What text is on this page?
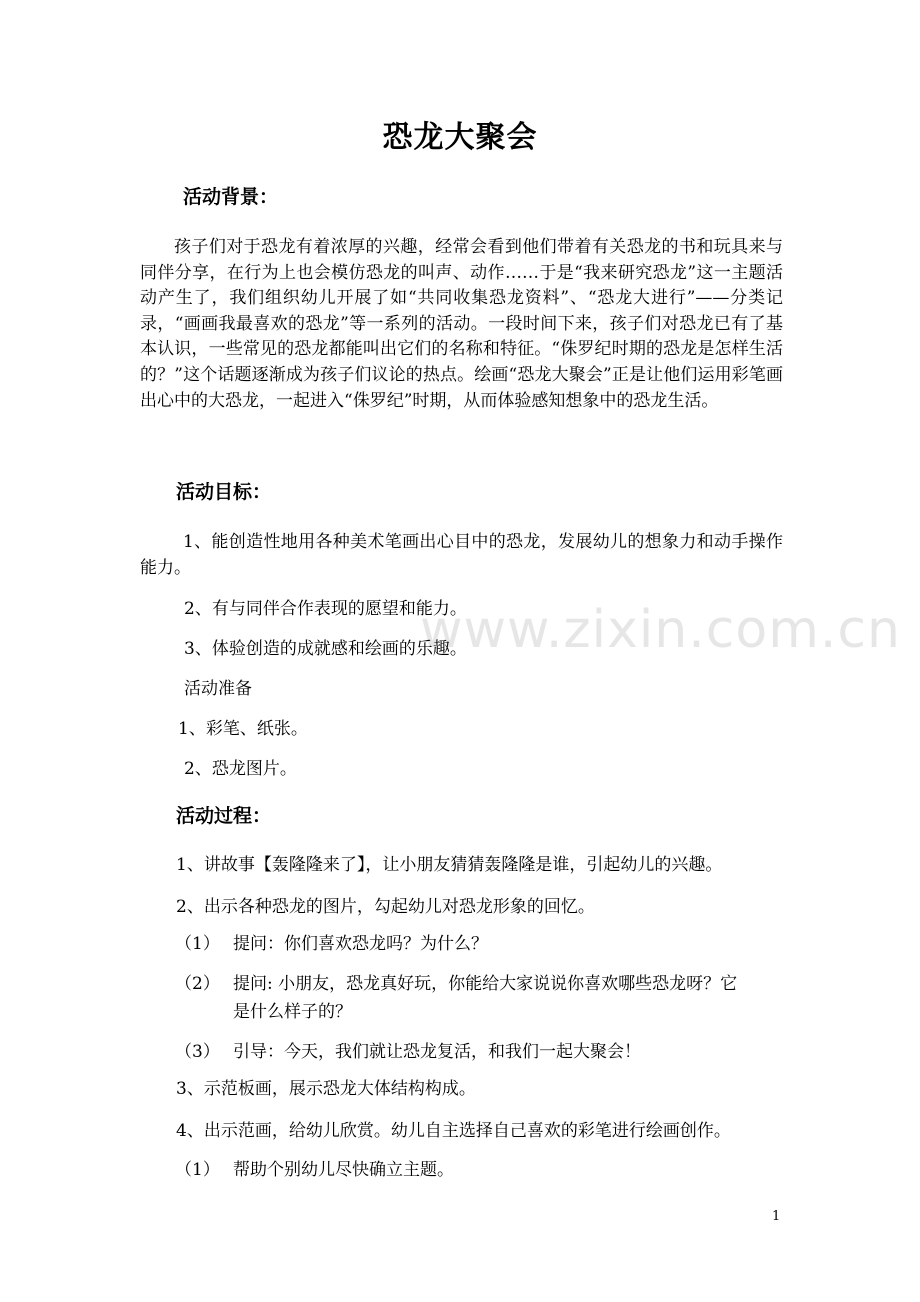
www.zixin.com.cn
恐龙大聚会
活动背景：

孩子们对于恐龙有着浓厚的兴趣，经常会看到他们带着有关恐龙的书和玩具来与同伴分享，在行为上也会模仿恐龙的叫声、动作……于是“我来研究恐龙”这一主题活动产生了，我们组织幼儿开展了如“共同收集恐龙资料”、“恐龙大进行”——分类记录，“画画我最喜欢的恐龙”等一系列的活动。一段时间下来，孩子们对恐龙已有了基本认识，一些常见的恐龙都能叫出它们的名称和特征。“侏罗纪时期的恐龙是怎样生活的？”这个话题逐渐成为孩子们议论的热点。绘画“恐龙大聚会”正是让他们运用彩笔画出心中的大恐龙，一起进入“侏罗纪”时期，从而体验感知想象中的恐龙生活。

活动目标：

1、能创造性地用各种美术笔画出心目中的恐龙，发展幼儿的想象力和动手操作能力。

2、有与同伴合作表现的愿望和能力。

3、体验创造的成就感和绘画的乐趣。

活动准备

1、彩笔、纸张。

2、恐龙图片。

活动过程：

1、讲故事【轰隆隆来了】，让小朋友猜猜轰隆隆是谁，引起幼儿的兴趣。

2、出示各种恐龙的图片，勾起幼儿对恐龙形象的回忆。

（1） 提问：你们喜欢恐龙吗？为什么？
（2） 提问: 小朋友，恐龙真好玩，你能给大家说说你喜欢哪些恐龙呀？它
是什么样子的？
（3） 引导：今天，我们就让恐龙复活，和我们一起大聚会！

3、示范板画，展示恐龙大体结构构成。

4、出示范画，给幼儿欣赏。幼儿自主选择自己喜欢的彩笔进行绘画创作。

（1） 帮助个别幼儿尽快确立主题。
1
